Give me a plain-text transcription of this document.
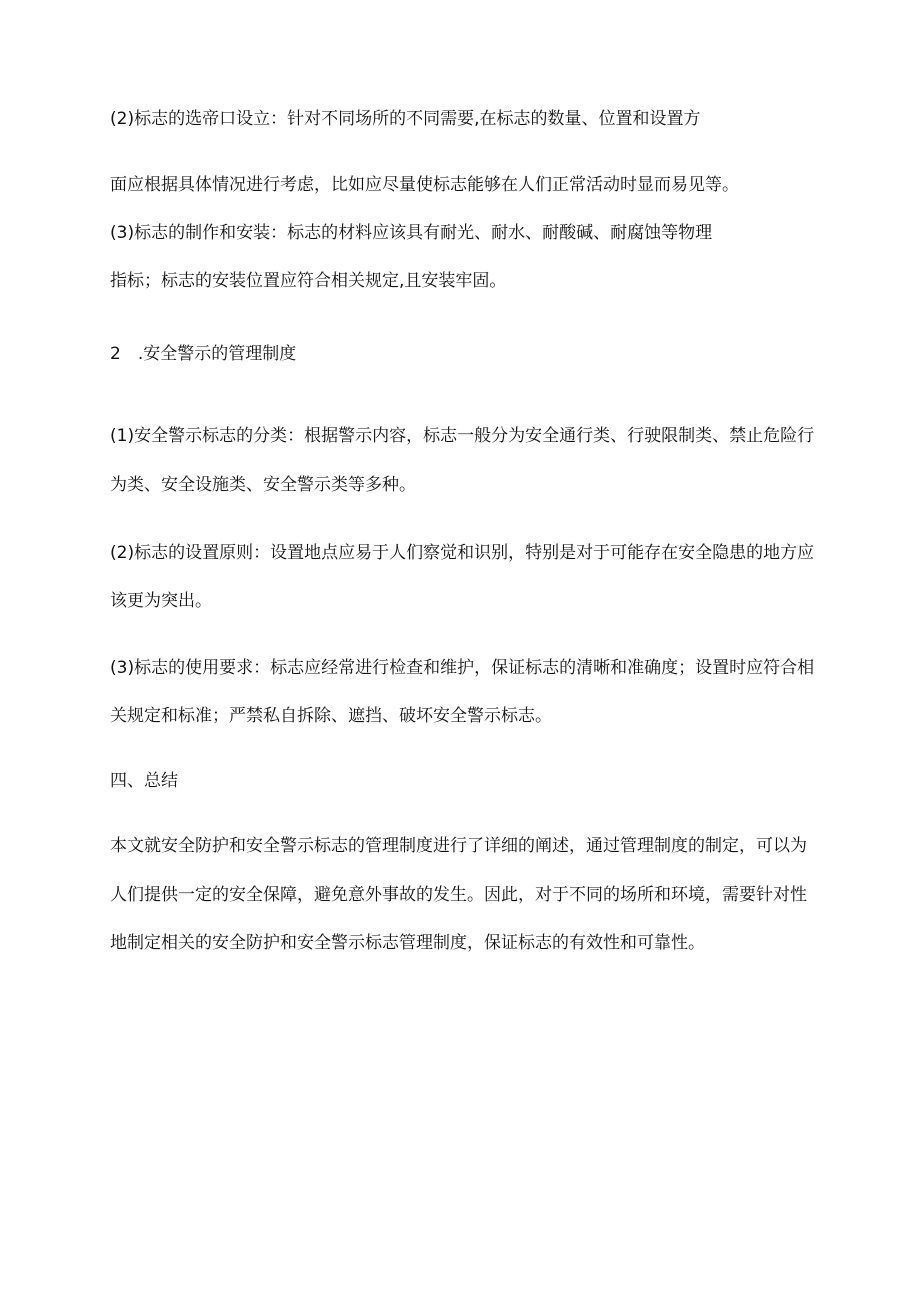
(2)标志的选帝口设立：针对不同场所的不同需要,在标志的数量、位置和设置方
面应根据具体情况进行考虑，比如应尽量使标志能够在人们正常活动时显而易见等。
(3)标志的制作和安装：标志的材料应该具有耐光、耐水、耐酸碱、耐腐蚀等物理
指标；标志的安装位置应符合相关规定,且安装牢固。
2　.安全警示的管理制度
(1)安全警示标志的分类：根据警示内容，标志一般分为安全通行类、行驶限制类、禁止危险行
为类、安全设施类、安全警示类等多种。
(2)标志的设置原则：设置地点应易于人们察觉和识别，特别是对于可能存在安全隐患的地方应
该更为突出。
(3)标志的使用要求：标志应经常进行检查和维护，保证标志的清晰和准确度；设置时应符合相
关规定和标准；严禁私自拆除、遮挡、破坏安全警示标志。
四、总结
本文就安全防护和安全警示标志的管理制度进行了详细的阐述，通过管理制度的制定，可以为
人们提供一定的安全保障，避免意外事故的发生。因此，对于不同的场所和环境，需要针对性
地制定相关的安全防护和安全警示标志管理制度，保证标志的有效性和可靠性。
